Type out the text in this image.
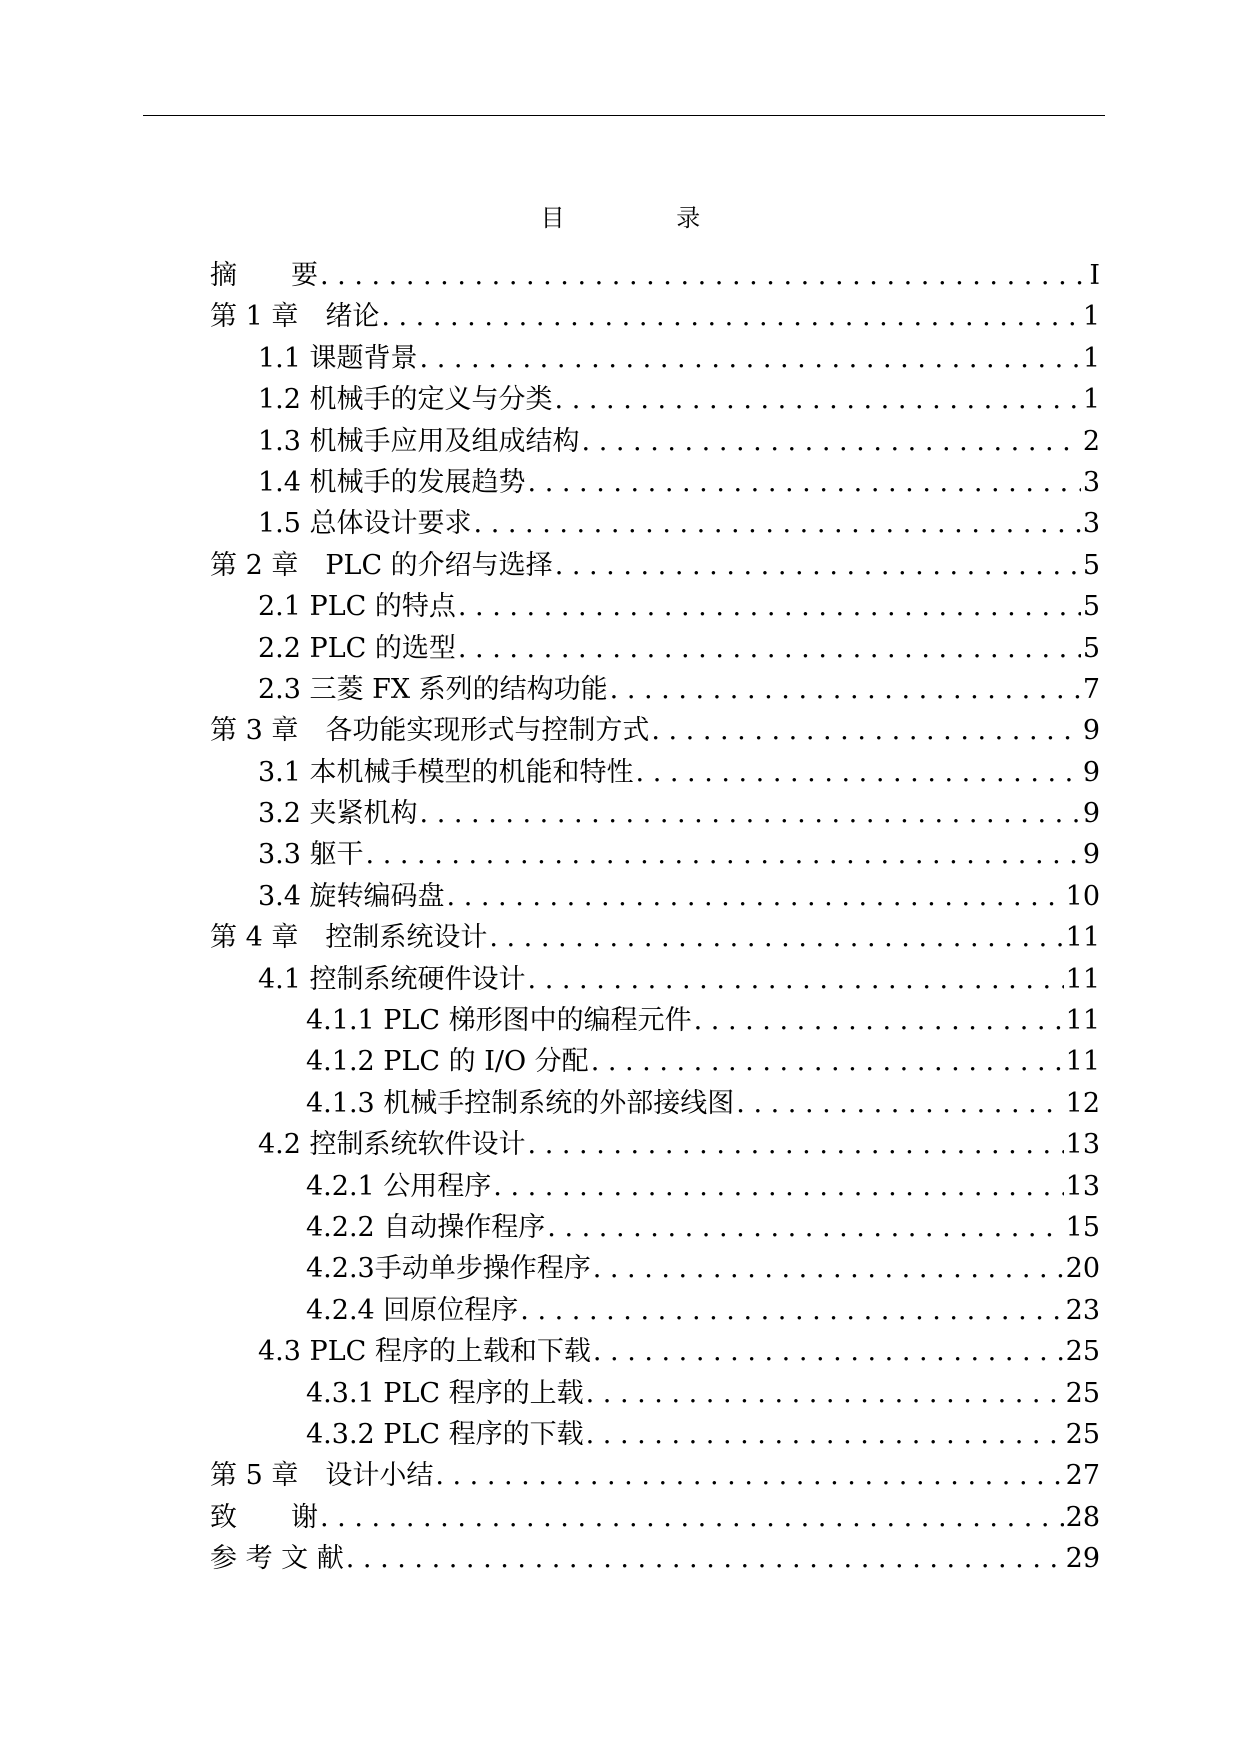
目 录
摘　　要 . . .	I
第 1 章　绪论 . . .	1
1.1 课题背景 . . .	1
1.2 机械手的定义与分类 . . .	1
1.3 机械手应用及组成结构 . . .	2
1.4 机械手的发展趋势 . . .	3
1.5 总体设计要求 . . .	3
第 2 章　PLC 的介绍与选择 . . .	5
2.1 PLC 的特点 . . .	5
2.2 PLC 的选型 . . .	5
2.3 三菱 FX 系列的结构功能 . . .	7
第 3 章　各功能实现形式与控制方式 . . .	9
3.1 本机械手模型的机能和特性 . . .	9
3.2 夹紧机构 . . .	9
3.3 躯干 . . .	9
3.4 旋转编码盘 . . .	10
第 4 章　控制系统设计 . . .	11
4.1 控制系统硬件设计 . . .	11
4.1.1 PLC 梯形图中的编程元件 . . .	11
4.1.2 PLC 的 I/O 分配 . . .	11
4.1.3 机械手控制系统的外部接线图 . . .	12
4.2 控制系统软件设计 . . .	13
4.2.1 公用程序 . . .	13
4.2.2 自动操作程序 . . .	15
4.2.3手动单步操作程序 . . .	20
4.2.4 回原位程序 . . .	23
4.3 PLC 程序的上载和下载 . . .	25
4.3.1 PLC 程序的上载 . . .	25
4.3.2 PLC 程序的下载 . . .	25
第 5 章　设计小结 . . .	27
致　　谢 . . .	28
参 考 文 献 . . .	29
